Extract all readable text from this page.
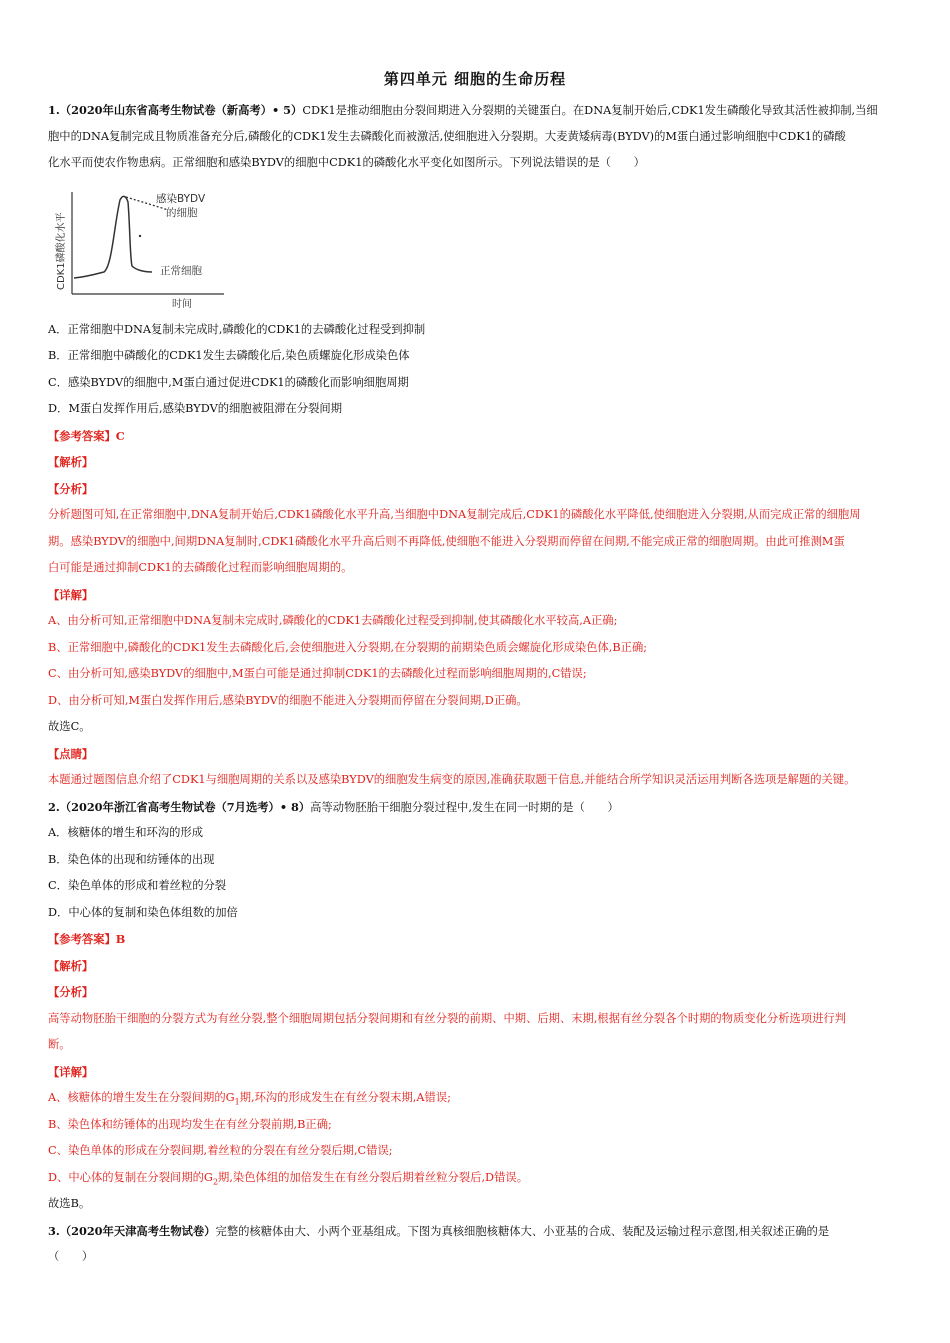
第四单元 细胞的生命历程
1.（2020年山东省高考生物试卷（新高考）• 5）CDK1是推动细胞由分裂间期进入分裂期的关键蛋白。在DNA复制开始后,CDK1发生磷酸化导致其活性被抑制,当细
胞中的DNA复制完成且物质准备充分后,磷酸化的CDK1发生去磷酸化而被激活,使细胞进入分裂期。大麦黄矮病毒(BYDV)的M蛋白通过影响细胞中CDK1的磷酸
化水平而使农作物患病。正常细胞和感染BYDV的细胞中CDK1的磷酸化水平变化如图所示。下列说法错误的是（　　）
CDK1磷酸化水平
时间
感染BYDV
的细胞
正常细胞
A．正常细胞中DNA复制未完成时,磷酸化的CDK1的去磷酸化过程受到抑制
B．正常细胞中磷酸化的CDK1发生去磷酸化后,染色质螺旋化形成染色体
C．感染BYDV的细胞中,M蛋白通过促进CDK1的磷酸化而影响细胞周期
D．M蛋白发挥作用后,感染BYDV的细胞被阻滞在分裂间期
【参考答案】C
【解析】
【分析】
分析题图可知,在正常细胞中,DNA复制开始后,CDK1磷酸化水平升高,当细胞中DNA复制完成后,CDK1的磷酸化水平降低,使细胞进入分裂期,从而完成正常的细胞周
期。感染BYDV的细胞中,间期DNA复制时,CDK1磷酸化水平升高后则不再降低,使细胞不能进入分裂期而停留在间期,不能完成正常的细胞周期。由此可推测M蛋
白可能是通过抑制CDK1的去磷酸化过程而影响细胞周期的。
【详解】
A、由分析可知,正常细胞中DNA复制未完成时,磷酸化的CDK1去磷酸化过程受到抑制,使其磷酸化水平较高,A正确;
B、正常细胞中,磷酸化的CDK1发生去磷酸化后,会使细胞进入分裂期,在分裂期的前期染色质会螺旋化形成染色体,B正确;
C、由分析可知,感染BYDV的细胞中,M蛋白可能是通过抑制CDK1的去磷酸化过程而影响细胞周期的,C错误;
D、由分析可知,M蛋白发挥作用后,感染BYDV的细胞不能进入分裂期而停留在分裂间期,D正确。
故选C。
【点睛】
本题通过题图信息介绍了CDK1与细胞周期的关系以及感染BYDV的细胞发生病变的原因,准确获取题干信息,并能结合所学知识灵活运用判断各选项是解题的关键。
2.（2020年浙江省高考生物试卷（7月选考）• 8）高等动物胚胎干细胞分裂过程中,发生在同一时期的是（　　）
A．核糖体的增生和环沟的形成
B．染色体的出现和纺锤体的出现
C．染色单体的形成和着丝粒的分裂
D．中心体的复制和染色体组数的加倍
【参考答案】B
【解析】
【分析】
高等动物胚胎干细胞的分裂方式为有丝分裂,整个细胞周期包括分裂间期和有丝分裂的前期、中期、后期、末期,根据有丝分裂各个时期的物质变化分析选项进行判
断。
【详解】
A、核糖体的增生发生在分裂间期的$G_1$期,环沟的形成发生在有丝分裂末期,A错误;
B、染色体和纺锤体的出现均发生在有丝分裂前期,B正确;
C、染色单体的形成在分裂间期,着丝粒的分裂在有丝分裂后期,C错误;
D、中心体的复制在分裂间期的$G_2$期,染色体组的加倍发生在有丝分裂后期着丝粒分裂后,D错误。
故选B。
3.（2020年天津高考生物试卷）完整的核糖体由大、小两个亚基组成。下图为真核细胞核糖体大、小亚基的合成、装配及运输过程示意图,相关叙述正确的是
（　　）
